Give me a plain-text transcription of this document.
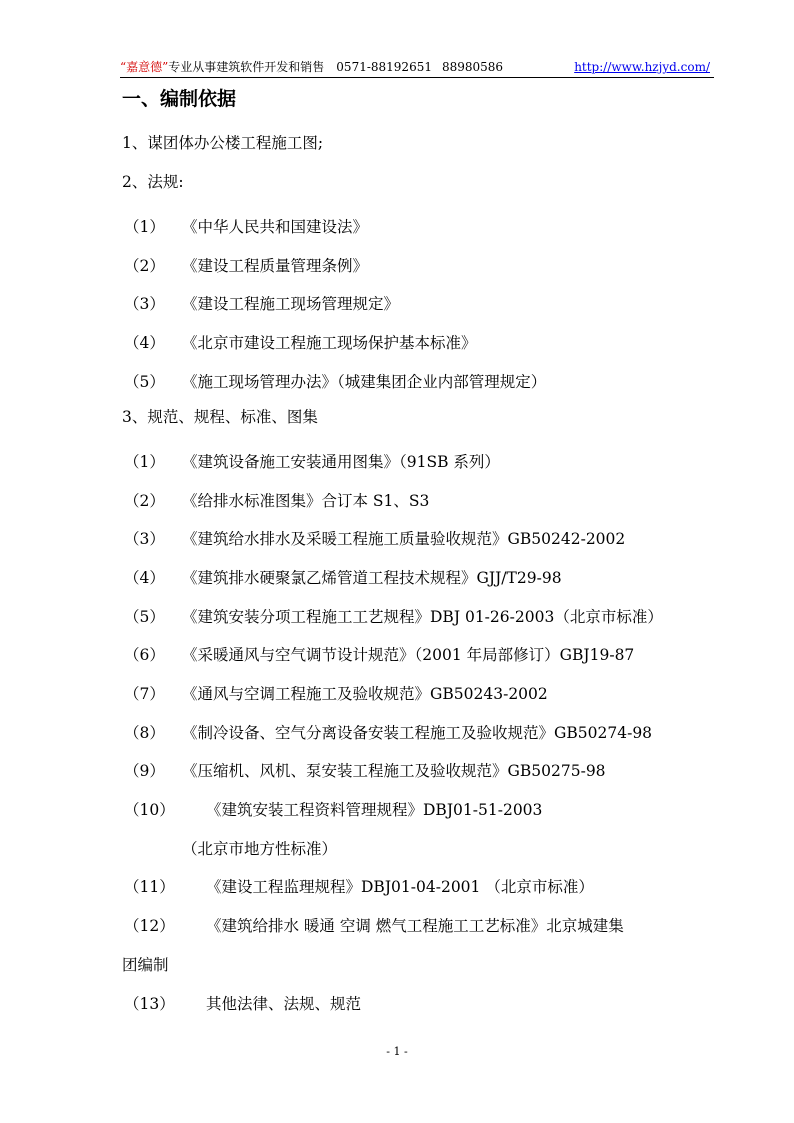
“嘉意德”专业从事建筑软件开发和销售 0571-88192651 88980586	http://www.hzjyd.com/
一、编制依据
1、谋团体办公楼工程施工图;
2、法规:
（1） 《中华人民共和国建设法》
（2） 《建设工程质量管理条例》
（3） 《建设工程施工现场管理规定》
（4） 《北京市建设工程施工现场保护基本标准》
（5） 《施工现场管理办法》（城建集团企业内部管理规定）
3、规范、规程、标准、图集
（1） 《建筑设备施工安装通用图集》（91SB 系列）
（2） 《给排水标准图集》合订本 S1、S3
（3） 《建筑给水排水及采暖工程施工质量验收规范》GB50242-2002
（4） 《建筑排水硬聚氯乙烯管道工程技术规程》GJJ/T29-98
（5） 《建筑安装分项工程施工工艺规程》DBJ 01-26-2003（北京市标准）
（6） 《采暖通风与空气调节设计规范》（2001 年局部修订）GBJ19-87
（7） 《通风与空调工程施工及验收规范》GB50243-2002
（8） 《制冷设备、空气分离设备安装工程施工及验收规范》GB50274-98
（9） 《压缩机、风机、泵安装工程施工及验收规范》GB50275-98
（10） 《建筑安装工程资料管理规程》DBJ01-51-2003
（北京市地方性标准）
（11） 《建设工程监理规程》DBJ01-04-2001 （北京市标准）
（12） 《建筑给排水 暖通 空调 燃气工程施工工艺标准》北京城建集
团编制
（13） 其他法律、法规、规范
- 1 -
